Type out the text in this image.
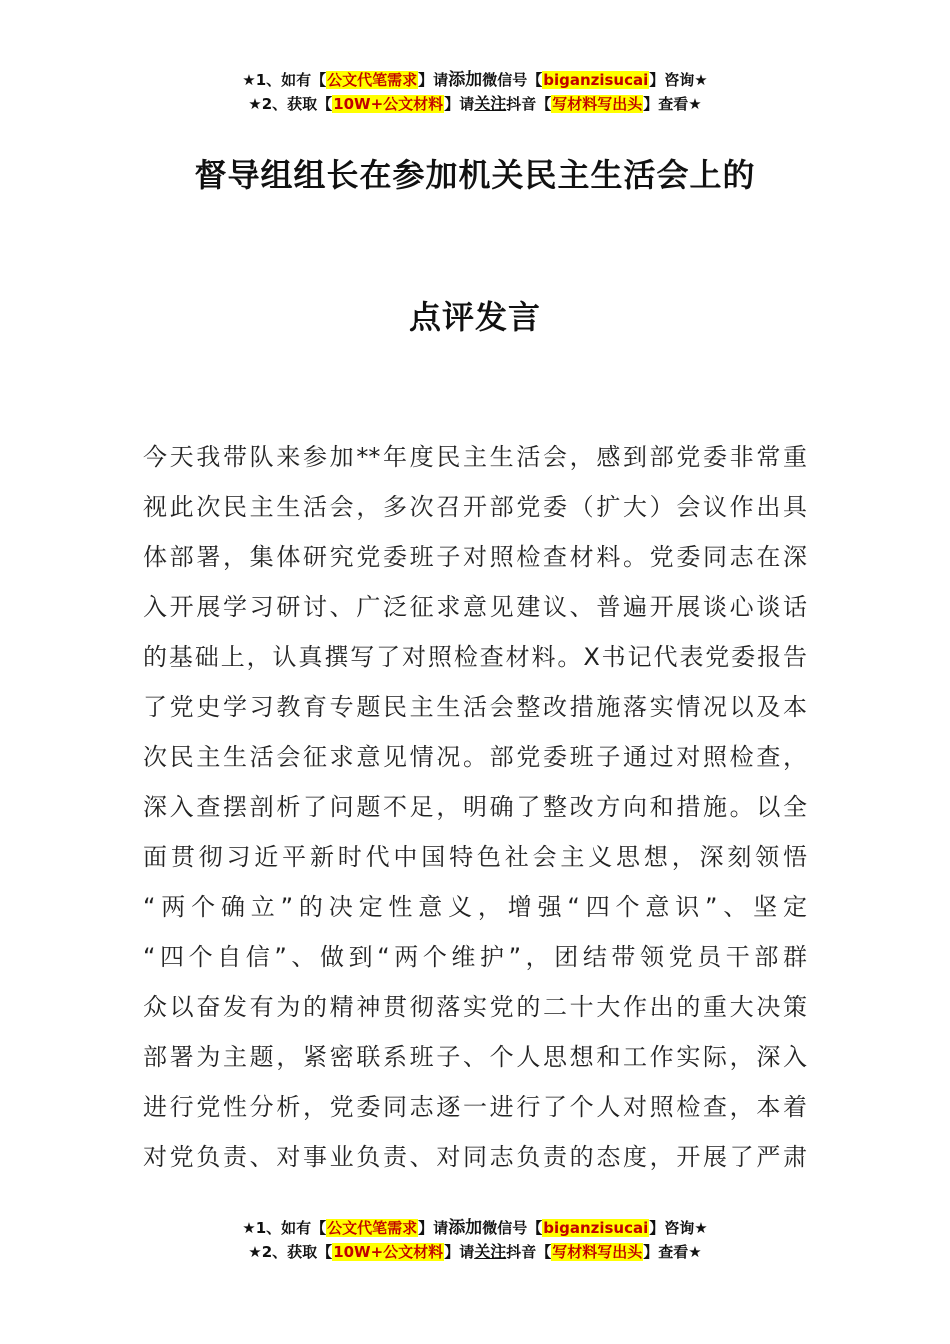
★1、如有【公文代笔需求】请添加微信号【biganzisucai】咨询★
★2、获取【10W+公文材料】请关注抖音【写材料写出头】查看★
督导组组长在参加机关民主生活会上的
点评发言
今天我带队来参加**年度民主生活会，感到部党委非常重
视此次民主生活会，多次召开部党委（扩大）会议作出具
体部署，集体研究党委班子对照检查材料。党委同志在深
入开展学习研讨、广泛征求意见建议、普遍开展谈心谈话
的基础上，认真撰写了对照检查材料。X书记代表党委报告
了党史学习教育专题民主生活会整改措施落实情况以及本
次民主生活会征求意见情况。部党委班子通过对照检查，
深入查摆剖析了问题不足，明确了整改方向和措施。以全
面贯彻习近平新时代中国特色社会主义思想，深刻领悟
“两个确立”的决定性意义，增强“四个意识”、坚定
“四个自信”、做到“两个维护”，团结带领党员干部群
众以奋发有为的精神贯彻落实党的二十大作出的重大决策
部署为主题，紧密联系班子、个人思想和工作实际，深入
进行党性分析，党委同志逐一进行了个人对照检查，本着
对党负责、对事业负责、对同志负责的态度，开展了严肃
★1、如有【公文代笔需求】请添加微信号【biganzisucai】咨询★
★2、获取【10W+公文材料】请关注抖音【写材料写出头】查看★
